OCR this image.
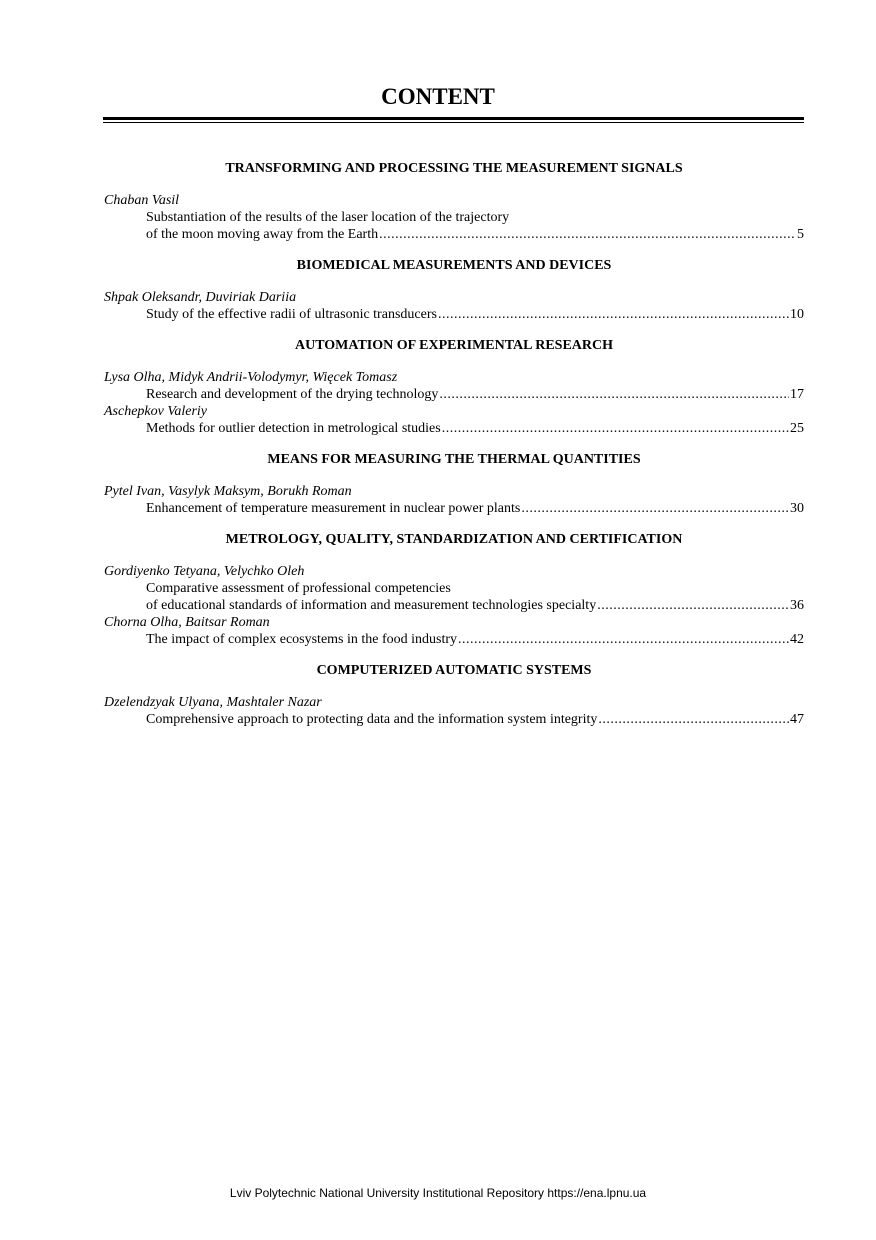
CONTENT
TRANSFORMING AND PROCESSING THE MEASUREMENT SIGNALS
Chaban Vasil
Substantiation of the results of the laser location of the trajectory
of the moon moving away from the Earth .....	5
BIOMEDICAL MEASUREMENTS AND DEVICES
Shpak Oleksandr, Duviriak Dariia
Study of the effective radii of ultrasonic transducers .....	10
AUTOMATION OF EXPERIMENTAL RESEARCH
Lysa Olha, Midyk Andrii-Volodymyr, Więcek Tomasz
Research and development of the drying technology .....	17
Aschepkov Valeriy
Methods for outlier detection in metrological studies .....	25
MEANS FOR MEASURING THE THERMAL QUANTITIES
Pytel Ivan, Vasylyk Maksym, Borukh Roman
Enhancement of temperature measurement in nuclear power plants .....	30
METROLOGY, QUALITY, STANDARDIZATION AND CERTIFICATION
Gordiyenko Tetyana, Velychko Oleh
Comparative assessment of professional competencies
of educational standards of information and measurement technologies specialty .....	36
Chorna Olha, Baitsar Roman
The impact of complex ecosystems in the food industry .....	42
COMPUTERIZED AUTOMATIC SYSTEMS
Dzelendzyak Ulyana, Mashtaler Nazar
Comprehensive approach to protecting data and the information system integrity .....	47
Lviv Polytechnic National University Institutional Repository https://ena.lpnu.ua
